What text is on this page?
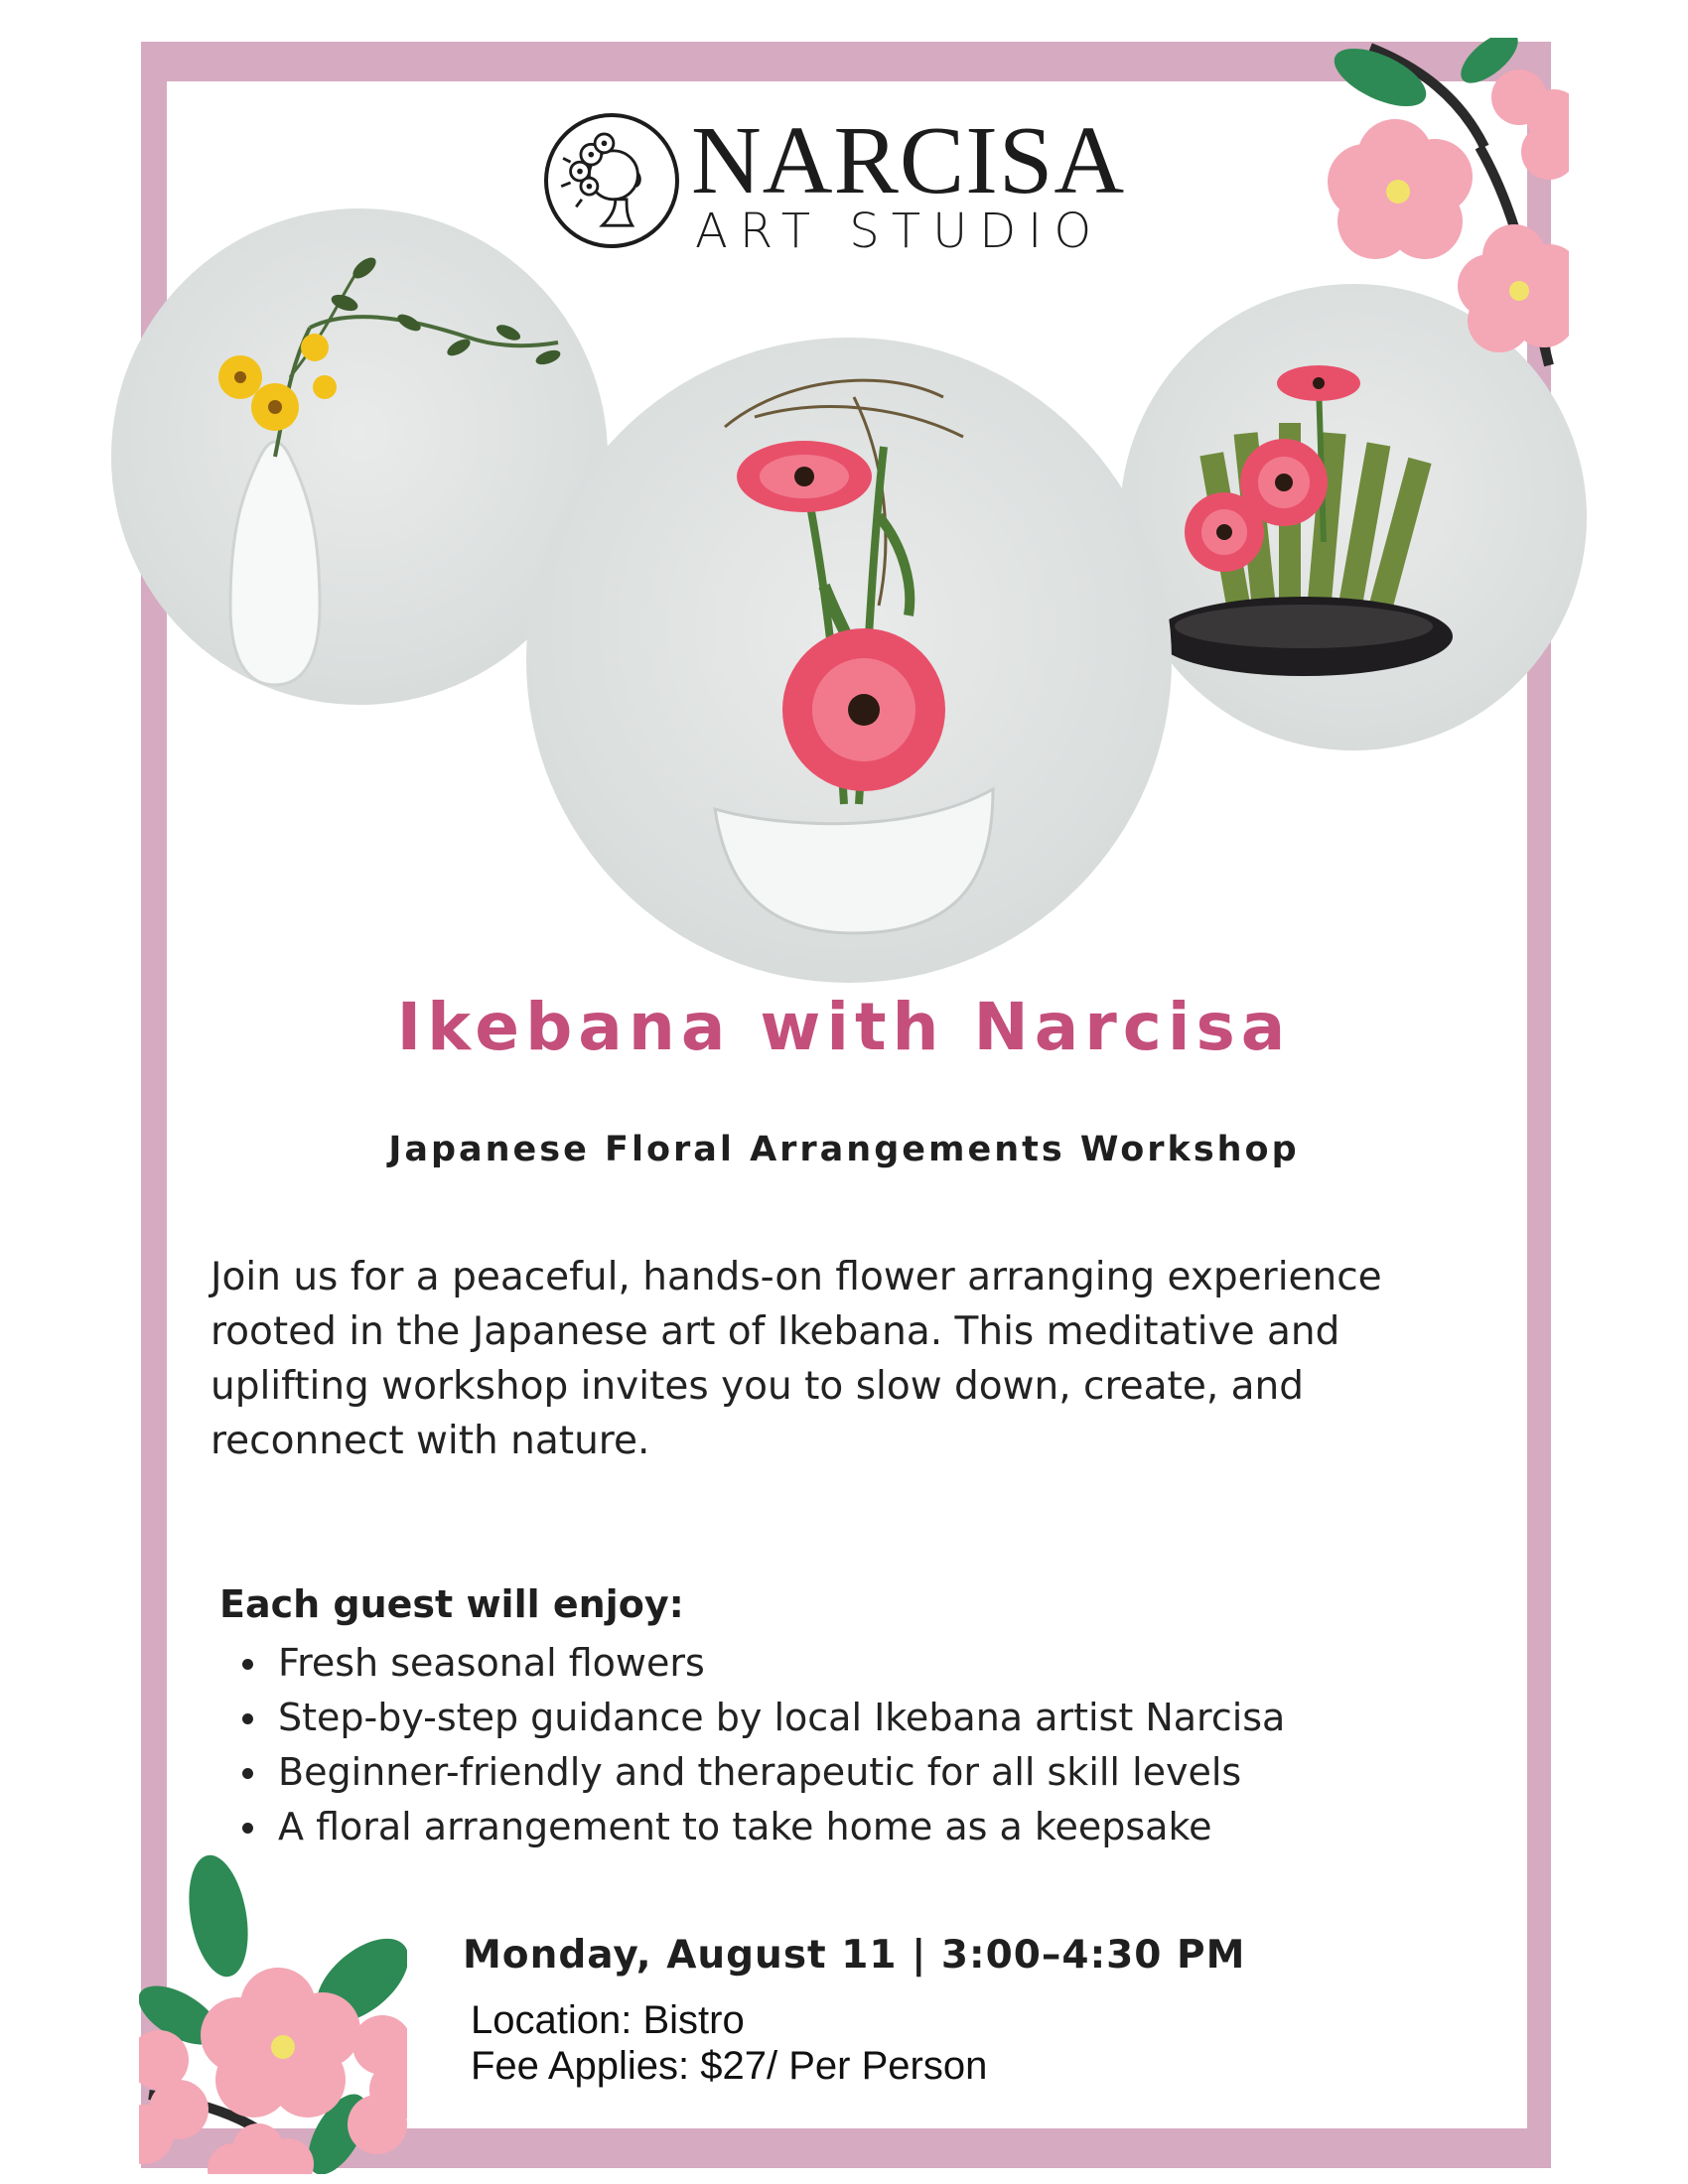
NARCISA
ART STUDIO
Ikebana with Narcisa
Japanese Floral Arrangements Workshop
Join us for a peaceful, hands-on flower arranging experience
rooted in the Japanese art of Ikebana. This meditative and
uplifting workshop invites you to slow down, create, and
reconnect with nature.
Each guest will enjoy:
Fresh seasonal flowers
Step-by-step guidance by local Ikebana artist Narcisa
Beginner-friendly and therapeutic for all skill levels
A floral arrangement to take home as a keepsake
Monday, August 11 | 3:00–4:30 PM
Location: Bistro
Fee Applies: $27/ Per Person
